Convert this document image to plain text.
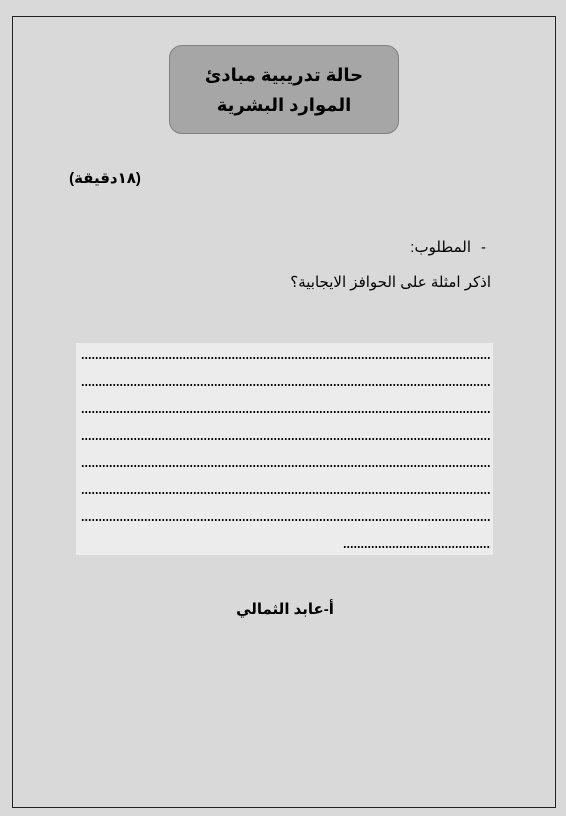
حالة تدريبية مبادئ
الموارد البشرية
(١٨دقيقة)
-المطلوب:
اذكر امثلة على الحوافز الايجابية؟
أ-عابد الثمالي
